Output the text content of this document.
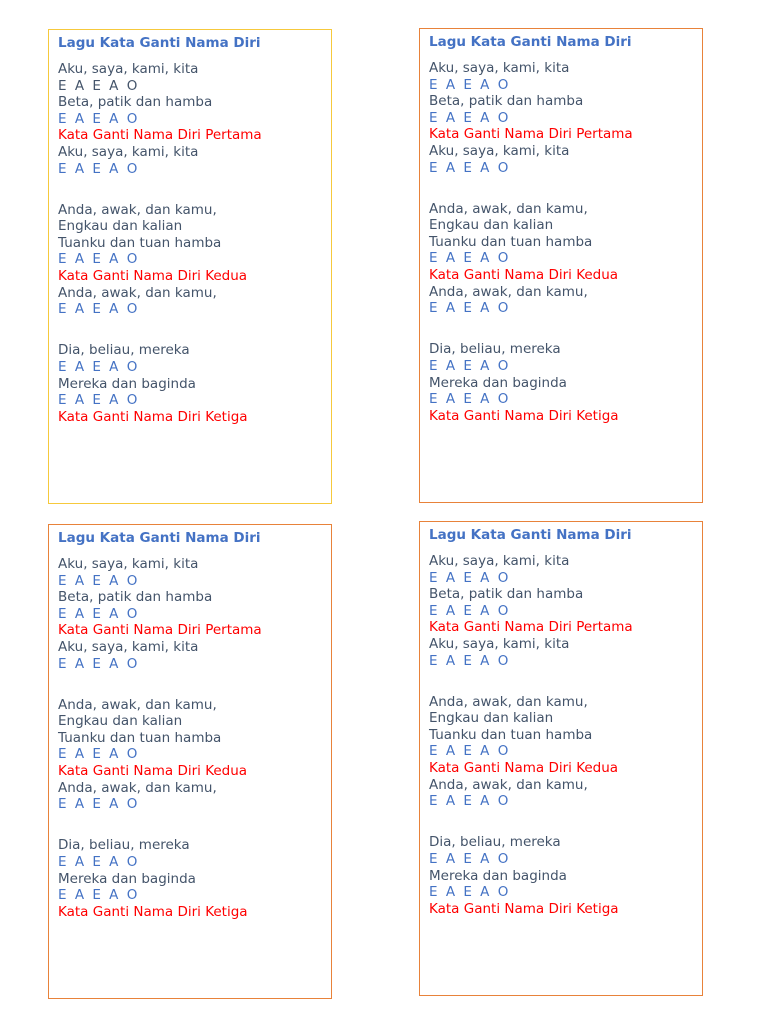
Lagu Kata Ganti Nama Diri
Aku, saya, kami, kita
E A E A O
Beta, patik dan hamba
E A E A O
Kata Ganti Nama Diri Pertama
Aku, saya, kami, kita
E A E A O
Anda, awak, dan kamu,
Engkau dan kalian
Tuanku dan tuan hamba
E A E A O
Kata Ganti Nama Diri Kedua
Anda, awak, dan kamu,
E A E A O
Dia, beliau, mereka
E A E A O
Mereka dan baginda
E A E A O
Kata Ganti Nama Diri Ketiga
Lagu Kata Ganti Nama Diri
Aku, saya, kami, kita
E A E A O
Beta, patik dan hamba
E A E A O
Kata Ganti Nama Diri Pertama
Aku, saya, kami, kita
E A E A O
Anda, awak, dan kamu,
Engkau dan kalian
Tuanku dan tuan hamba
E A E A O
Kata Ganti Nama Diri Kedua
Anda, awak, dan kamu,
E A E A O
Dia, beliau, mereka
E A E A O
Mereka dan baginda
E A E A O
Kata Ganti Nama Diri Ketiga
Lagu Kata Ganti Nama Diri
Aku, saya, kami, kita
E A E A O
Beta, patik dan hamba
E A E A O
Kata Ganti Nama Diri Pertama
Aku, saya, kami, kita
E A E A O
Anda, awak, dan kamu,
Engkau dan kalian
Tuanku dan tuan hamba
E A E A O
Kata Ganti Nama Diri Kedua
Anda, awak, dan kamu,
E A E A O
Dia, beliau, mereka
E A E A O
Mereka dan baginda
E A E A O
Kata Ganti Nama Diri Ketiga
Lagu Kata Ganti Nama Diri
Aku, saya, kami, kita
E A E A O
Beta, patik dan hamba
E A E A O
Kata Ganti Nama Diri Pertama
Aku, saya, kami, kita
E A E A O
Anda, awak, dan kamu,
Engkau dan kalian
Tuanku dan tuan hamba
E A E A O
Kata Ganti Nama Diri Kedua
Anda, awak, dan kamu,
E A E A O
Dia, beliau, mereka
E A E A O
Mereka dan baginda
E A E A O
Kata Ganti Nama Diri Ketiga
